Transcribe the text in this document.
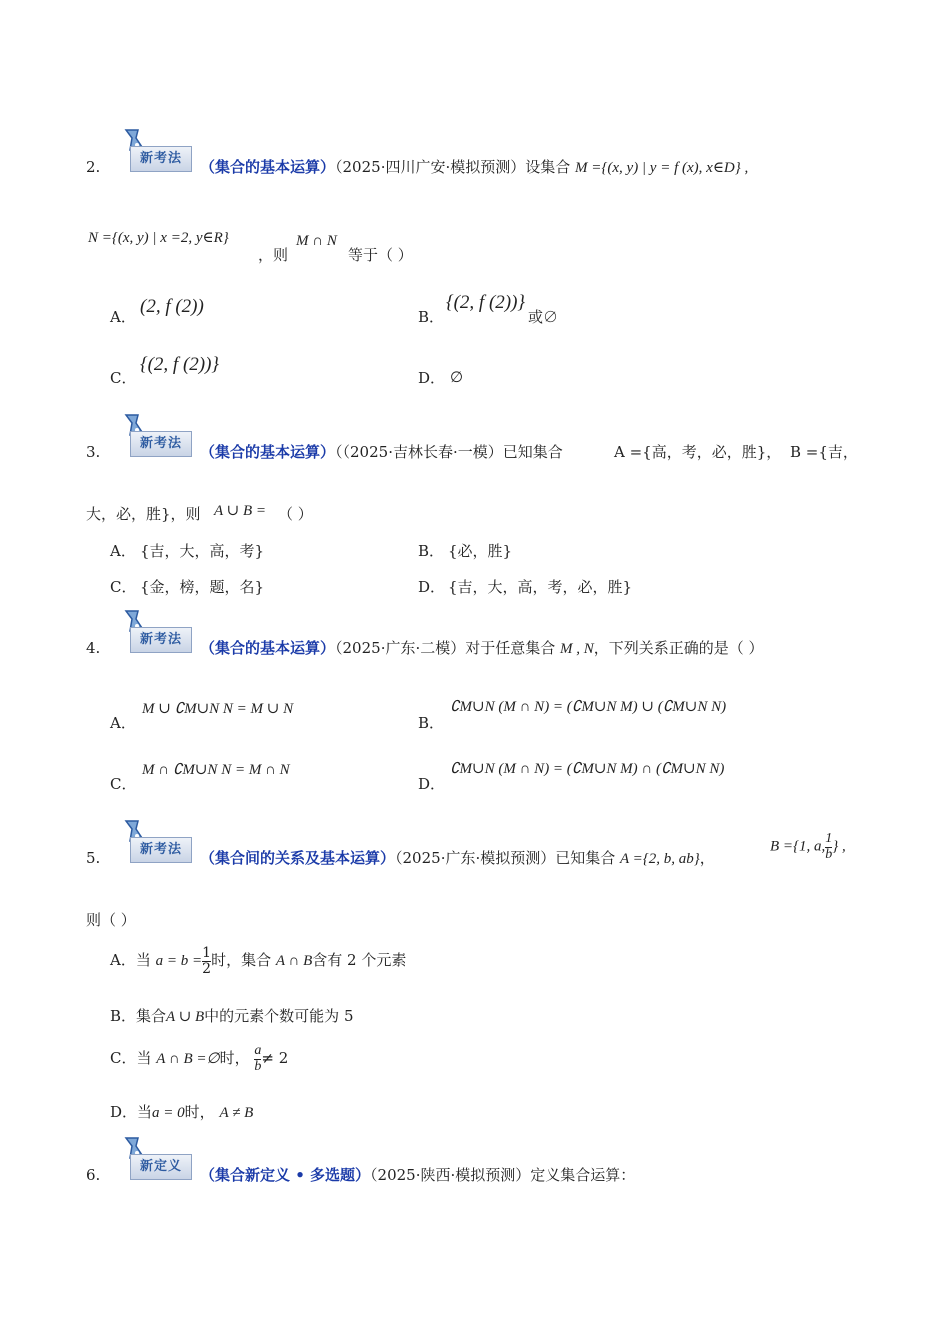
2.	新考法	（集合的基本运算）（2025·四川广安·模拟预测）设集合 M ={(x, y) | y = f (x), x∈D} ,
N ={(x, y) | x =2, y∈R}
，则
M ∩ N
等于（ ）
A． (2, f (2))	B．
{(2, f (2))}
或∅
C．
{(2, f (2))}
D． ∅
3.	新考法	（集合的基本运算）（（2025·吉林长春·一模）已知集合	A ={高，考，必，胜}， B ={吉，
大，必，胜}，则 A ∪ B = （ ）
A． {吉，大，高，考}	B． {必，胜}
C． {金，榜，题，名}	D． {吉，大，高，考，必，胜}
4.	新考法	（集合的基本运算）（2025·广东·二模）对于任意集合 M , N，下列关系正确的是（ ）
A．
M ∪ ∁M∪N N = M ∪ N
B．
∁M∪N (M ∩ N) = (∁M∪N M) ∪ (∁M∪N N)
C．
M ∩ ∁M∪N N = M ∩ N
D．
∁M∪N (M ∩ N) = (∁M∪N M) ∩ (∁M∪N N)
5.	新考法	（集合间的关系及基本运算）（2025·广东·模拟预测）已知集合 A ={2, b, ab}，
B ={1, a, $\frac{1}{b}$ } ,
则（ ）
A．当 $a = b = \frac{1}{2}$ 时，集合 A ∩ B含有 2 个元素
B．集合A ∪ B中的元素个数可能为 5
C．当 A ∩ B =∅时， $\frac{a}{b} \ne 2$
D．当a = 0时， A ≠ B
6.	新定义	（集合新定义 • 多选题）（2025·陕西·模拟预测）定义集合运算：
